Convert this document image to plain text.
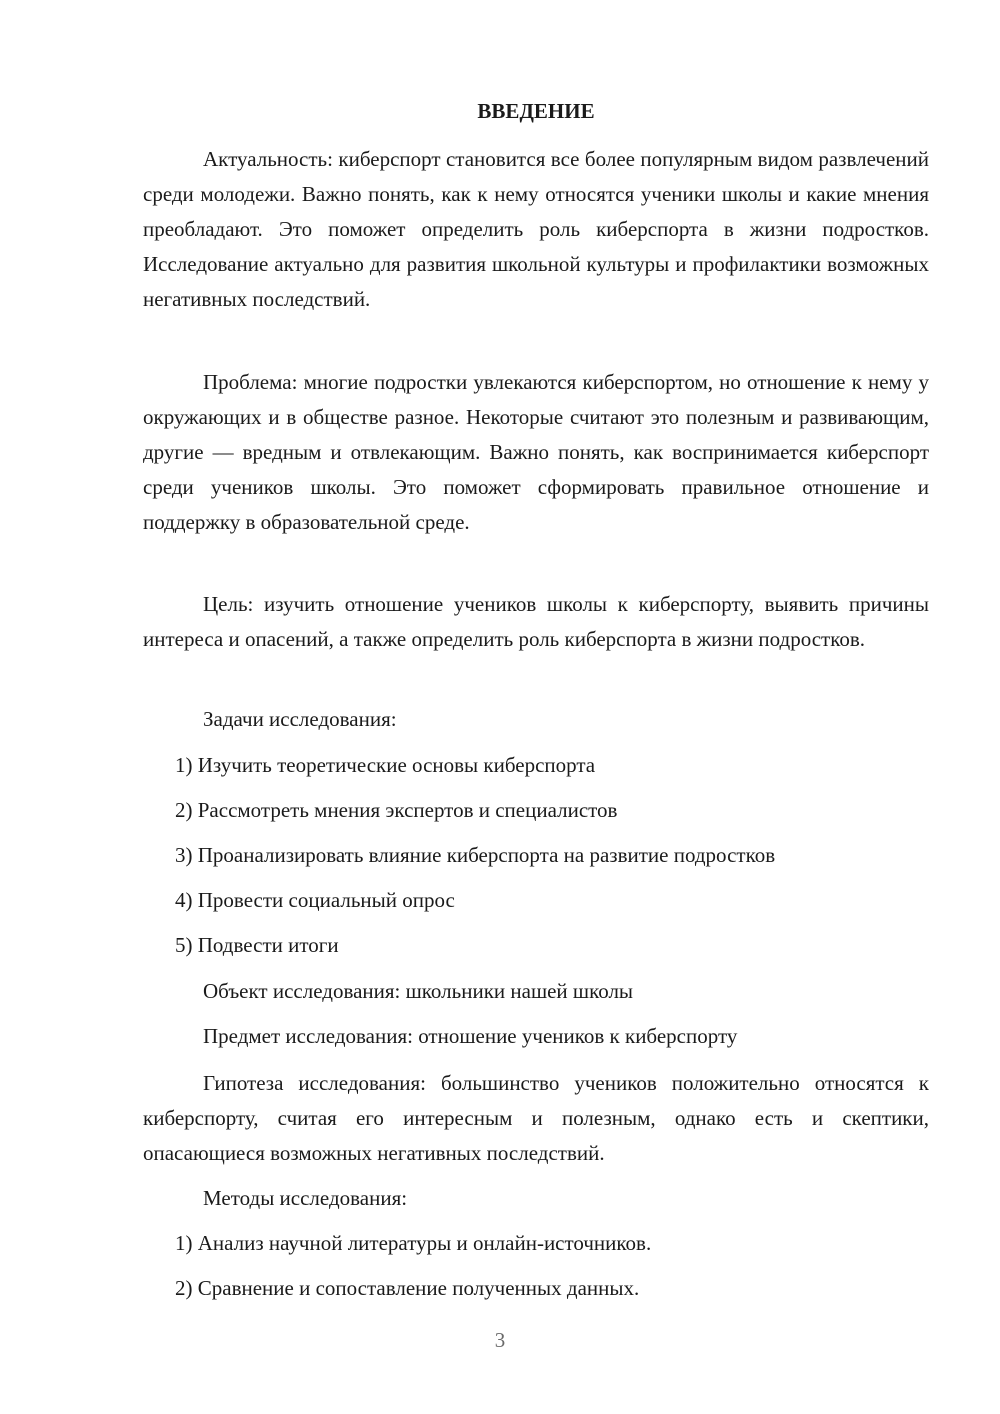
ВВЕДЕНИЕ

Актуальность: киберспорт становится все более популярным видом развлечений среди молодежи. Важно понять, как к нему относятся ученики школы и какие мнения преобладают. Это поможет определить роль киберспорта в жизни подростков. Исследование актуально для развития школьной культуры и профилактики возможных негативных последствий.

Проблема: многие подростки увлекаются киберспортом, но отношение к нему у окружающих и в обществе разное. Некоторые считают это полезным и развивающим, другие — вредным и отвлекающим. Важно понять, как воспринимается киберспорт среди учеников школы. Это поможет сформировать правильное отношение и поддержку в образовательной среде.

Цель: изучить отношение учеников школы к киберспорту, выявить причины интереса и опасений, а также определить роль киберспорта в жизни подростков.

Задачи исследования:
1) Изучить теоретические основы киберспорта
2) Рассмотреть мнения экспертов и специалистов
3) Проанализировать влияние киберспорта на развитие подростков
4) Провести социальный опрос
5) Подвести итоги
Объект исследования: школьники нашей школы
Предмет исследования: отношение учеников к киберспорту

Гипотеза исследования: большинство учеников положительно относятся к киберспорту, считая его интересным и полезным, однако есть и скептики, опасающиеся возможных негативных последствий.

Методы исследования:
1) Анализ научной литературы и онлайн-источников.
2) Сравнение и сопоставление полученных данных.
3
